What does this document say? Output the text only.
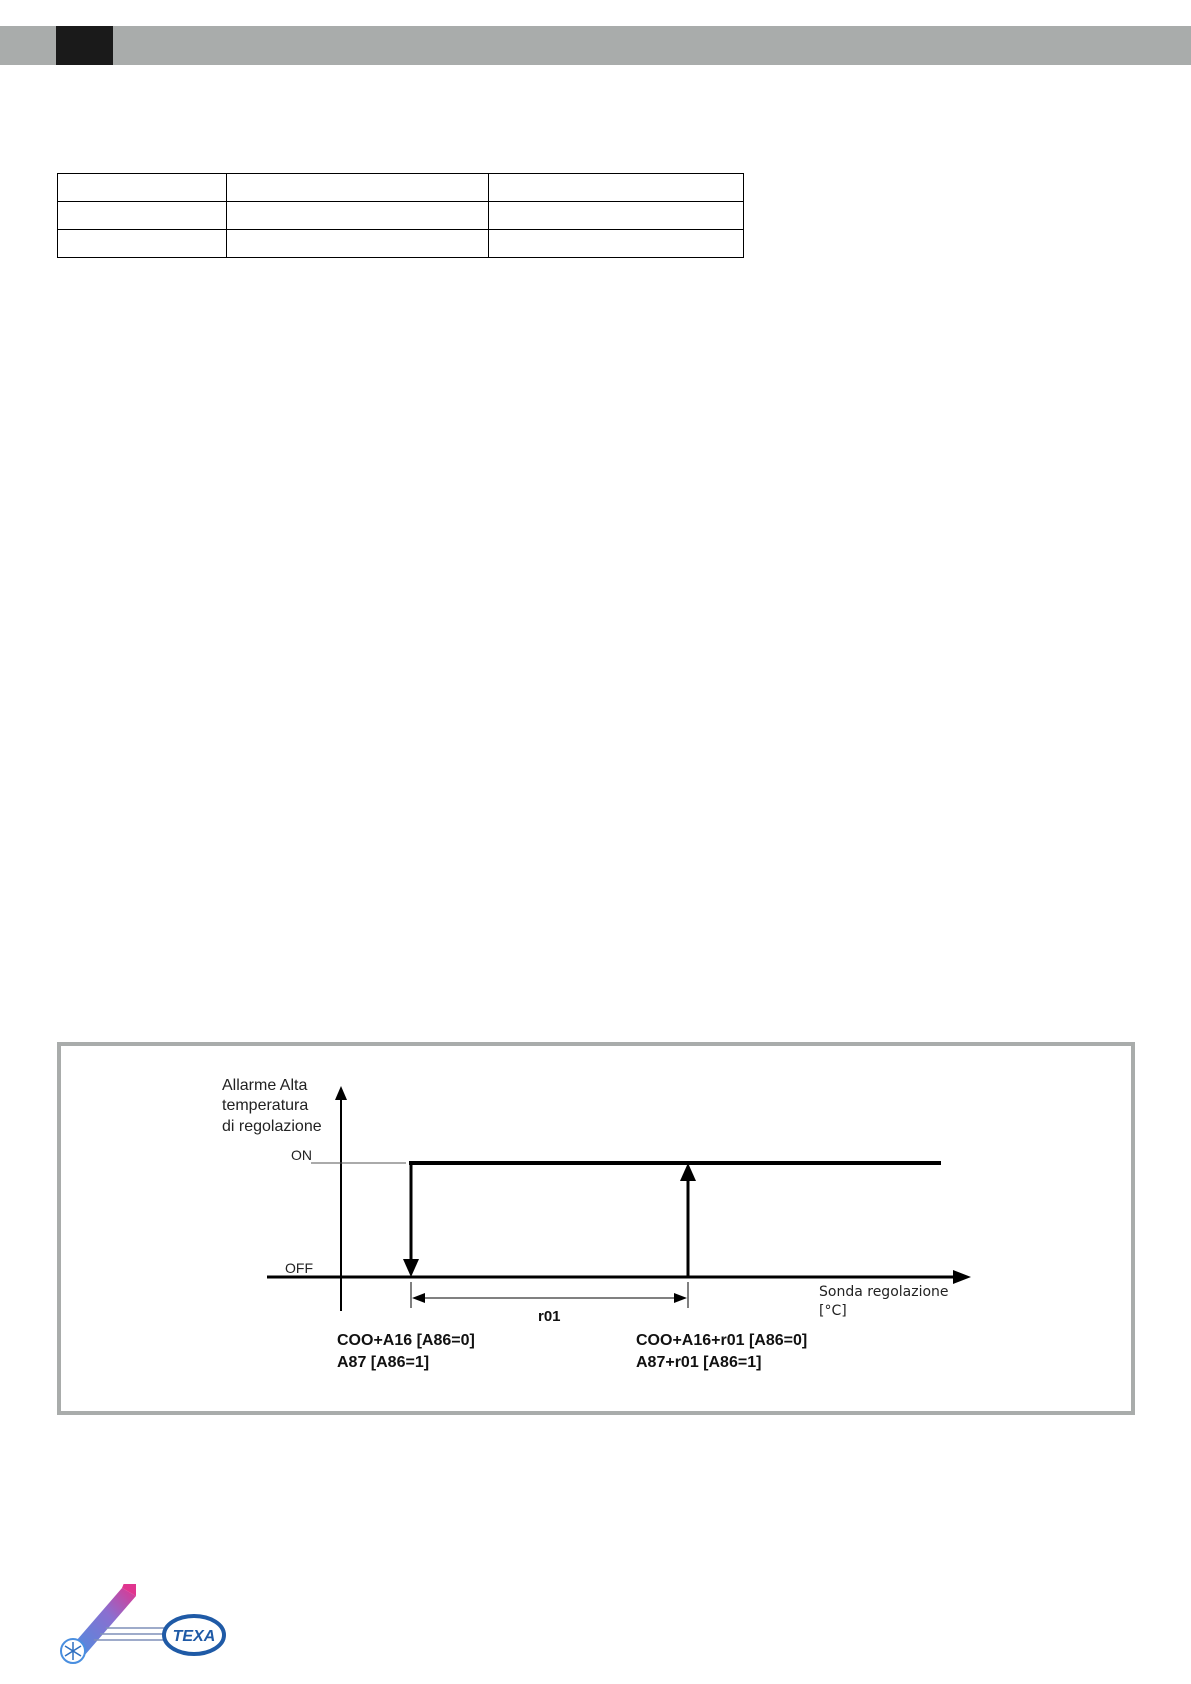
Allarme Alta
temperatura
di regolazione
ON
OFF
Sonda regolazione
[°C]
r01
COO+A16 [A86=0]
A87 [A86=1]
COO+A16+r01 [A86=0]
A87+r01 [A86=1]
TEXA
